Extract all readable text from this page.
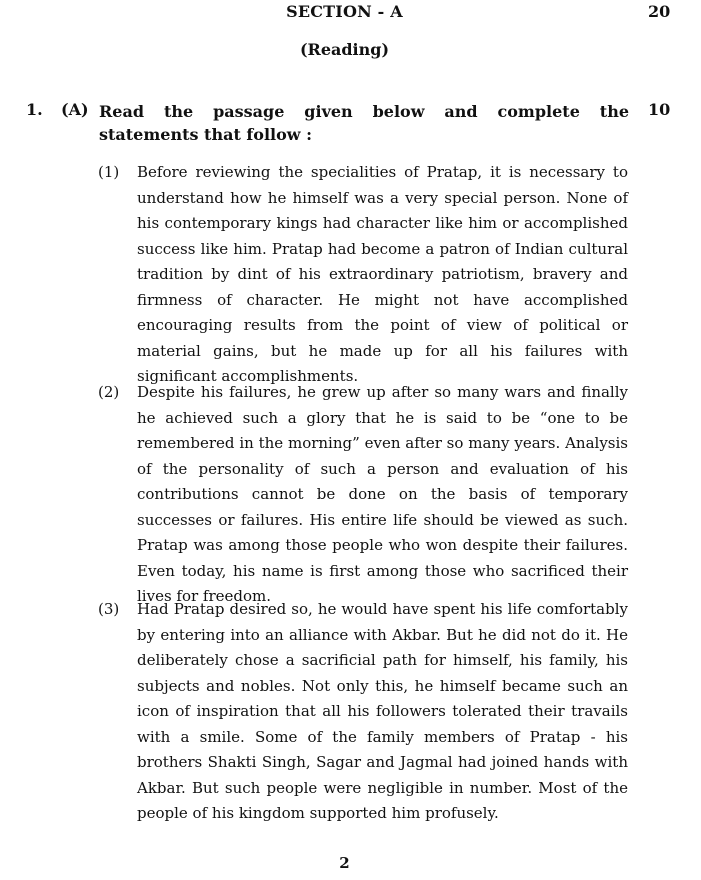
SECTION - A	20
(Reading)
1. (A) Read the passage given below and complete the statements that follow :
10
(1) Before reviewing the specialities of Pratap, it is necessary to understand how he himself was a very special person. None of his contemporary kings had character like him or accomplished success like him. Pratap had become a patron of Indian cultural tradition by dint of his extraordinary patriotism, bravery and firmness of character. He might not have accomplished encouraging results from the point of view of political or material gains, but he made up for all his failures with significant accomplishments.
(2) Despite his failures, he grew up after so many wars and finally he achieved such a glory that he is said to be “one to be remembered in the morning” even after so many years. Analysis of the personality of such a person and evaluation of his contributions cannot be done on the basis of temporary successes or failures. His entire life should be viewed as such. Pratap was among those people who won despite their failures. Even today, his name is first among those who sacrificed their lives for freedom.
(3) Had Pratap desired so, he would have spent his life comfortably by entering into an alliance with Akbar. But he did not do it. He deliberately chose a sacrificial path for himself, his family, his subjects and nobles. Not only this, he himself became such an icon of inspiration that all his followers tolerated their travails with a smile. Some of the family members of Pratap - his brothers Shakti Singh, Sagar and Jagmal had joined hands with Akbar. But such people were negligible in number. Most of the people of his kingdom supported him profusely.
2
